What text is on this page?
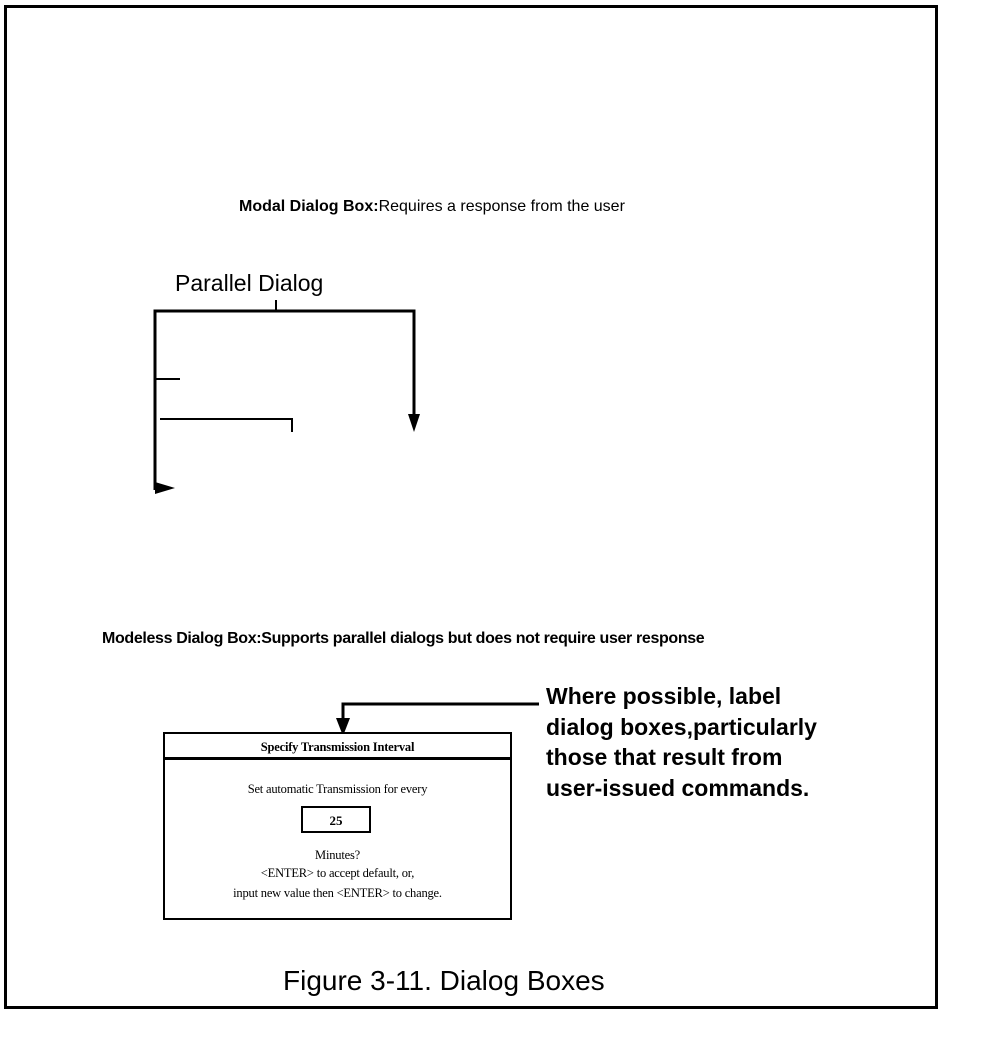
Modal Dialog Box:Requires a response from the user
Parallel Dialog
Modeless Dialog Box:Supports parallel dialogs but does not require user response
Where possible, label
dialog boxes,particularly
those that result from
user-issued commands.
Specify Transmission Interval
Set automatic Transmission for every
25
Minutes?
<ENTER> to accept default, or,
input new value then <ENTER> to change.
Figure 3-11. Dialog Boxes
